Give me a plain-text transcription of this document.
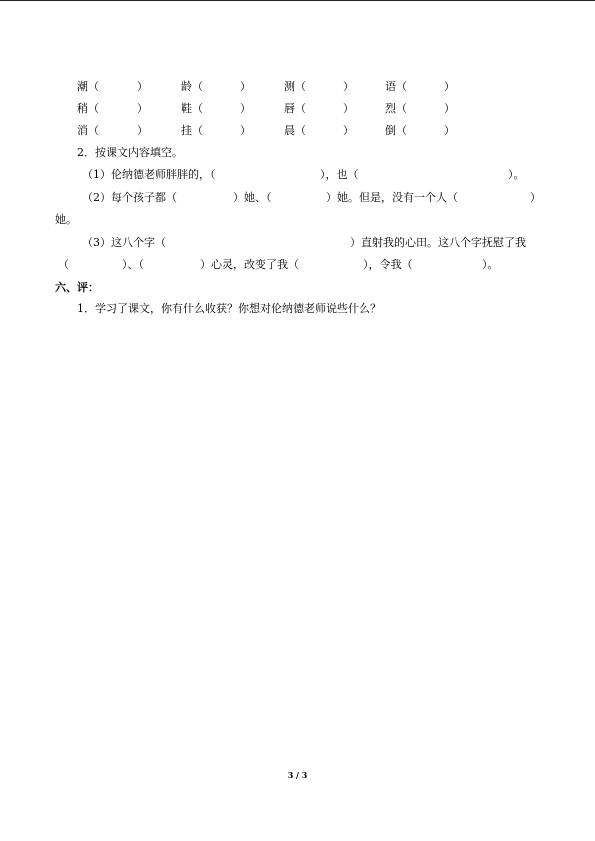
潮（	）	龄（	）	测（	）	语（	）
稍（	）	鞋（	）	唇（	）	烈（	）
消（	）	挂（	）	晨（	）	倒（	）
2．按课文内容填空。
（1）伦纳德老师胖胖的，（	），也（	）。
（2）每个孩子都（	）她、（	）她。但是，没有一个人（	）
她。
（3）这八个字（	）直射我的心田。这八个字抚慰了我
（	）、（	）心灵，改变了我（	），令我（	）。
六、评：
1．学习了课文，你有什么收获？你想对伦纳德老师说些什么？
3 / 3
